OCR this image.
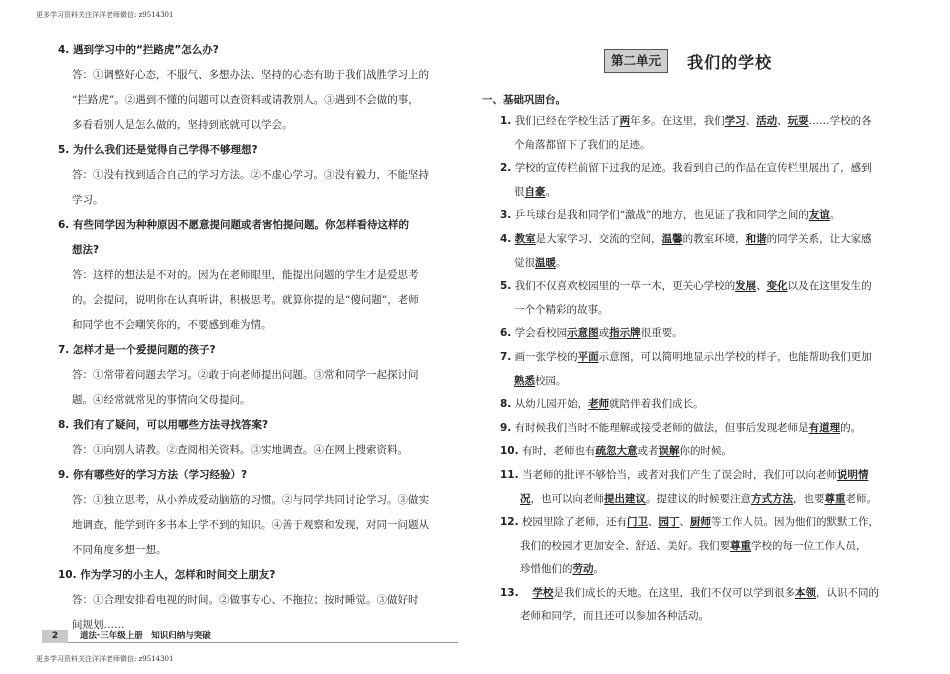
更多学习资料关注洋洋老师微信: z9514301

4. 遇到学习中的“拦路虎”怎么办?

答：①调整好心态，不服气、多想办法、坚持的心态有助于我们战胜学习上的

“拦路虎”。②遇到不懂的问题可以查资料或请教别人。③遇到不会做的事，

多看看别人是怎么做的，坚持到底就可以学会。

5. 为什么我们还是觉得自己学得不够理想?

答：①没有找到适合自己的学习方法。②不虚心学习。③没有毅力，不能坚持

学习。

6. 有些同学因为种种原因不愿意提问题或者害怕提问题。你怎样看待这样的

想法?

答：这样的想法是不对的。因为在老师眼里，能提出问题的学生才是爱思考

的。会提问，说明你在认真听讲，积极思考。就算你提的是“傻问题”，老师

和同学也不会嘲笑你的，不要感到难为情。

7. 怎样才是一个爱提问题的孩子?

答：①常带着问题去学习。②敢于向老师提出问题。③常和同学一起探讨问

题。④经常就常见的事情向父母提问。

8. 我们有了疑问，可以用哪些方法寻找答案?

答：①向别人请教。②查阅相关资料。③实地调查。④在网上搜索资料。

9. 你有哪些好的学习方法（学习经验）?

答：①独立思考，从小养成爱动脑筋的习惯。②与同学共同讨论学习。③做实

地调查，能学到许多书本上学不到的知识。④善于观察和发现，对同一问题从

不同角度多想一想。

10. 作为学习的小主人，怎样和时间交上朋友?

答：①合理安排看电视的时间。②做事专心、不拖拉；按时睡觉。③做好时

间规划……

2	道法·三年级上册　知识归纳与突破
更多学习资料关注洋洋老师微信: z9514301
第二单元 我们的学校
一、基础巩固台。

1. 我们已经在学校生活了两年多。在这里，我们学习、活动、玩耍……学校的各

个角落都留下了我们的足迹。

2. 学校的宣传栏前留下过我的足迹。我看到自己的作品在宣传栏里展出了，感到

很自豪。

3. 乒乓球台是我和同学们“激战”的地方，也见证了我和同学之间的友谊。

4. 教室是大家学习、交流的空间，温馨的教室环境，和谐的同学关系，让大家感

觉很温暖。

5. 我们不仅喜欢校园里的一草一木，更关心学校的发展、变化以及在这里发生的

一个个精彩的故事。

6. 学会看校园示意图或指示牌很重要。

7. 画一张学校的平面示意图，可以简明地显示出学校的样子，也能帮助我们更加

熟悉校园。

8. 从幼儿园开始，老师就陪伴着我们成长。

9. 有时候我们当时不能理解或接受老师的做法，但事后发现老师是有道理的。

10. 有时，老师也有疏忽大意或者误解你的时候。

11. 当老师的批评不够恰当，或者对我们产生了误会时，我们可以向老师说明情

况，也可以向老师提出建议。提建议的时候要注意方式方法，也要尊重老师。

12. 校园里除了老师，还有门卫、园丁、厨师等工作人员。因为他们的默默工作，

我们的校园才更加安全、舒适、美好。我们要尊重学校的每一位工作人员，

珍惜他们的劳动。

13. 　 学校是我们成长的天地。在这里，我们不仅可以学到很多本领，认识不同的

老师和同学，而且还可以参加各种活动。
